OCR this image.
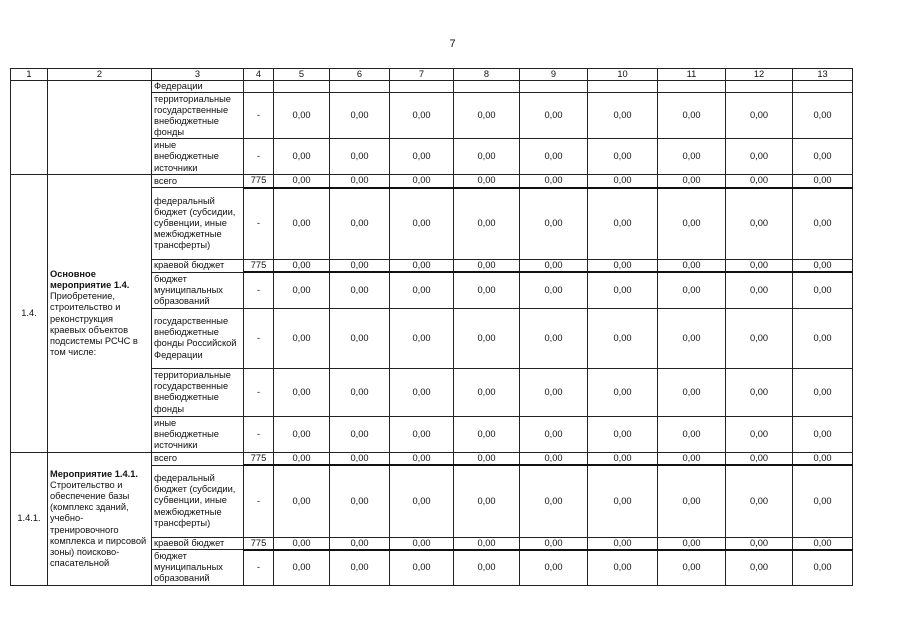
7
1	2	3	4	5	6	7	8	9	10	11	12	13
		Федерации										
		территориальные государственные внебюджетные фонды	-	0,00	0,00	0,00	0,00	0,00	0,00	0,00	0,00	0,00
		иные внебюджетные источники	-	0,00	0,00	0,00	0,00	0,00	0,00	0,00	0,00	0,00
1.4.	Основное мероприятие 1.4. Приобретение, строительство и реконструкция краевых объектов подсистемы РСЧС в том числе:	всего	775	0,00	0,00	0,00	0,00	0,00	0,00	0,00	0,00	0,00
		федеральный бюджет (субсидии, субвенции, иные межбюджетные трансферты)	-	0,00	0,00	0,00	0,00	0,00	0,00	0,00	0,00	0,00
		краевой бюджет	775	0,00	0,00	0,00	0,00	0,00	0,00	0,00	0,00	0,00
		бюджет муниципальных образований	-	0,00	0,00	0,00	0,00	0,00	0,00	0,00	0,00	0,00
		государственные внебюджетные фонды Российской Федерации	-	0,00	0,00	0,00	0,00	0,00	0,00	0,00	0,00	0,00
		территориальные государственные внебюджетные фонды	-	0,00	0,00	0,00	0,00	0,00	0,00	0,00	0,00	0,00
		иные внебюджетные источники	-	0,00	0,00	0,00	0,00	0,00	0,00	0,00	0,00	0,00
1.4.1.	Мероприятие 1.4.1. Строительство и обеспечение базы (комплекс зданий, учебно-тренировочного комплекса и пирсовой зоны) поисково-спасательной	всего	775	0,00	0,00	0,00	0,00	0,00	0,00	0,00	0,00	0,00
		федеральный бюджет (субсидии, субвенции, иные межбюджетные трансферты)	-	0,00	0,00	0,00	0,00	0,00	0,00	0,00	0,00	0,00
		краевой бюджет	775	0,00	0,00	0,00	0,00	0,00	0,00	0,00	0,00	0,00
		бюджет муниципальных образований	-	0,00	0,00	0,00	0,00	0,00	0,00	0,00	0,00	0,00
